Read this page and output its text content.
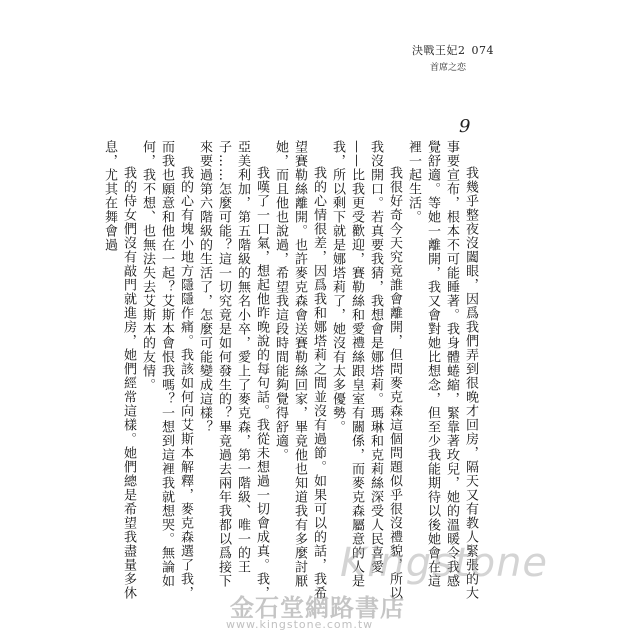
決戰王妃2 074
首席之恋
9

我幾乎整夜沒闔眼，因爲我們弄到很晚才回房，隔天又有教人緊張的大事要宣布，根本不可能睡著。我身體蜷縮，緊靠著玫兒，她的溫暖令我感覺舒適。等她一離開，我又會對她比想念，但至少我能期待以後她會在這裡一起生活。

我很好奇今天究竟誰會離開，但問麥克森這個問題似乎很沒禮貌，所以我沒開口。若真要我猜，我想會是娜塔莉。瑪琳和克莉絲深受人民喜愛——比我更受歡迎，賽勒絲和愛禮絲跟皇室有關係，而麥克森屬意的人是我，所以剩下就是娜塔莉了，她沒有太多優勢。

我的心情很差，因爲我和娜塔莉之間並沒有過節。如果可以的話，我希望賽勒絲離開。也許麥克森會送賽勒絲回家，畢竟他也知道我有多麼討厭她，而且他也說過，希望我這段時間能夠覺得舒適。

我嘆了一口氣，想起他昨晚說的每句話。我從未想過一切會成真。我，亞美利加，第五階級的無名小卒，愛上了麥克森，第一階級、唯一的王子……怎麼可能？這一切究竟是如何發生的？畢竟過去兩年我都以爲接下來要過第六階級的生活了，怎麼可能變成這樣？

我的心有塊小地方隱隱作痛。我該如何向艾斯本解釋，麥克森選了我，而我也願意和他在一起？艾斯本會恨我嗎？一想到這裡我就想哭。無論如何，我不想、也無法失去艾斯本的友情。

我的侍女們沒有敲門就進房，她們經常這樣。她們總是希望我盡量多休息，尤其在舞會過

Kingstone
金石堂網路書店
www.kingstone.com.tw
